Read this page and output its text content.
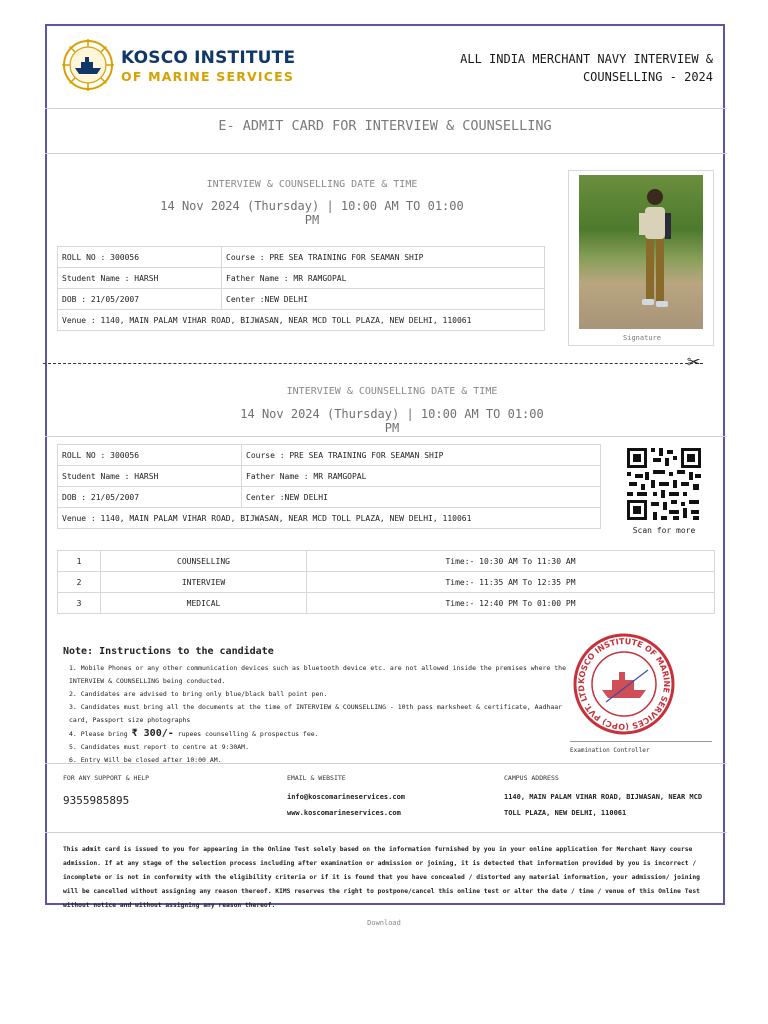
KOSCO INSTITUTE
OF MARINE SERVICES
ALL INDIA MERCHANT NAVY INTERVIEW &
COUNSELLING - 2024
E- ADMIT CARD FOR INTERVIEW & COUNSELLING
INTERVIEW & COUNSELLING DATE & TIME
14 Nov 2024 (Thursday) | 10:00 AM TO 01:00 PM
ROLL NO : 300056	Course : PRE SEA TRAINING FOR SEAMAN SHIP
Student Name : HARSH	Father Name : MR RAMGOPAL
DOB : 21/05/2007	Center :NEW DELHI
Venue : 1140, MAIN PALAM VIHAR ROAD, BIJWASAN, NEAR MCD TOLL PLAZA, NEW DELHI, 110061	
Signature
✂
INTERVIEW & COUNSELLING DATE & TIME
14 Nov 2024 (Thursday) | 10:00 AM TO 01:00 PM
ROLL NO : 300056	Course : PRE SEA TRAINING FOR SEAMAN SHIP
Student Name : HARSH	Father Name : MR RAMGOPAL
DOB : 21/05/2007	Center :NEW DELHI
Venue : 1140, MAIN PALAM VIHAR ROAD, BIJWASAN, NEAR MCD TOLL PLAZA, NEW DELHI, 110061	
Scan for more
1	COUNSELLING	Time:- 10:30 AM To 11:30 AM
2	INTERVIEW	Time:- 11:35 AM To 12:35 PM
3	MEDICAL	Time:- 12:40 PM To 01:00 PM
Note: Instructions to the candidate
1. Mobile Phones or any other communication devices such as bluetooth device etc. are not allowed inside the premises where the INTERVIEW & COUNSELLING being conducted.
2. Candidates are advised to bring only blue/black ball point pen.
3. Candidates must bring all the documents at the time of INTERVIEW & COUNSELLING - 10th pass marksheet & certificate, Aadhaar card, Passport size photographs
4. Please bring ₹ 300/- rupees counselling & prospectus fee.
5. Candidates must report to centre at 9:30AM.
6. Entry Will be closed after 10:00 AM.
KOSCO INSTITUTE OF MARINE SERVICES (OPC) PVT. LTD
Examination Controller
FOR ANY SUPPORT & HELP
9355985895
EMAIL & WEBSITE
info@koscomarineservices.com
www.koscomarineservices.com
CAMPUS ADDRESS
1140, MAIN PALAM VIHAR ROAD, BIJWASAN, NEAR MCD
TOLL PLAZA, NEW DELHI, 110061
This admit card is issued to you for appearing in the Online Test solely based on the information furnished by you in your online application for Merchant Navy course admission. If at any stage of the selection process including after examination or admission or joining, it is detected that information provided by you is incorrect / incomplete or is not in conformity with the eligibility criteria or if it is found that you have concealed / distorted any material information, your admission/ joining will be cancelled without assigning any reason thereof. KIMS reserves the right to postpone/cancel this online test or alter the date / time / venue of this Online Test without notice and without assigning any reason thereof.
Download
